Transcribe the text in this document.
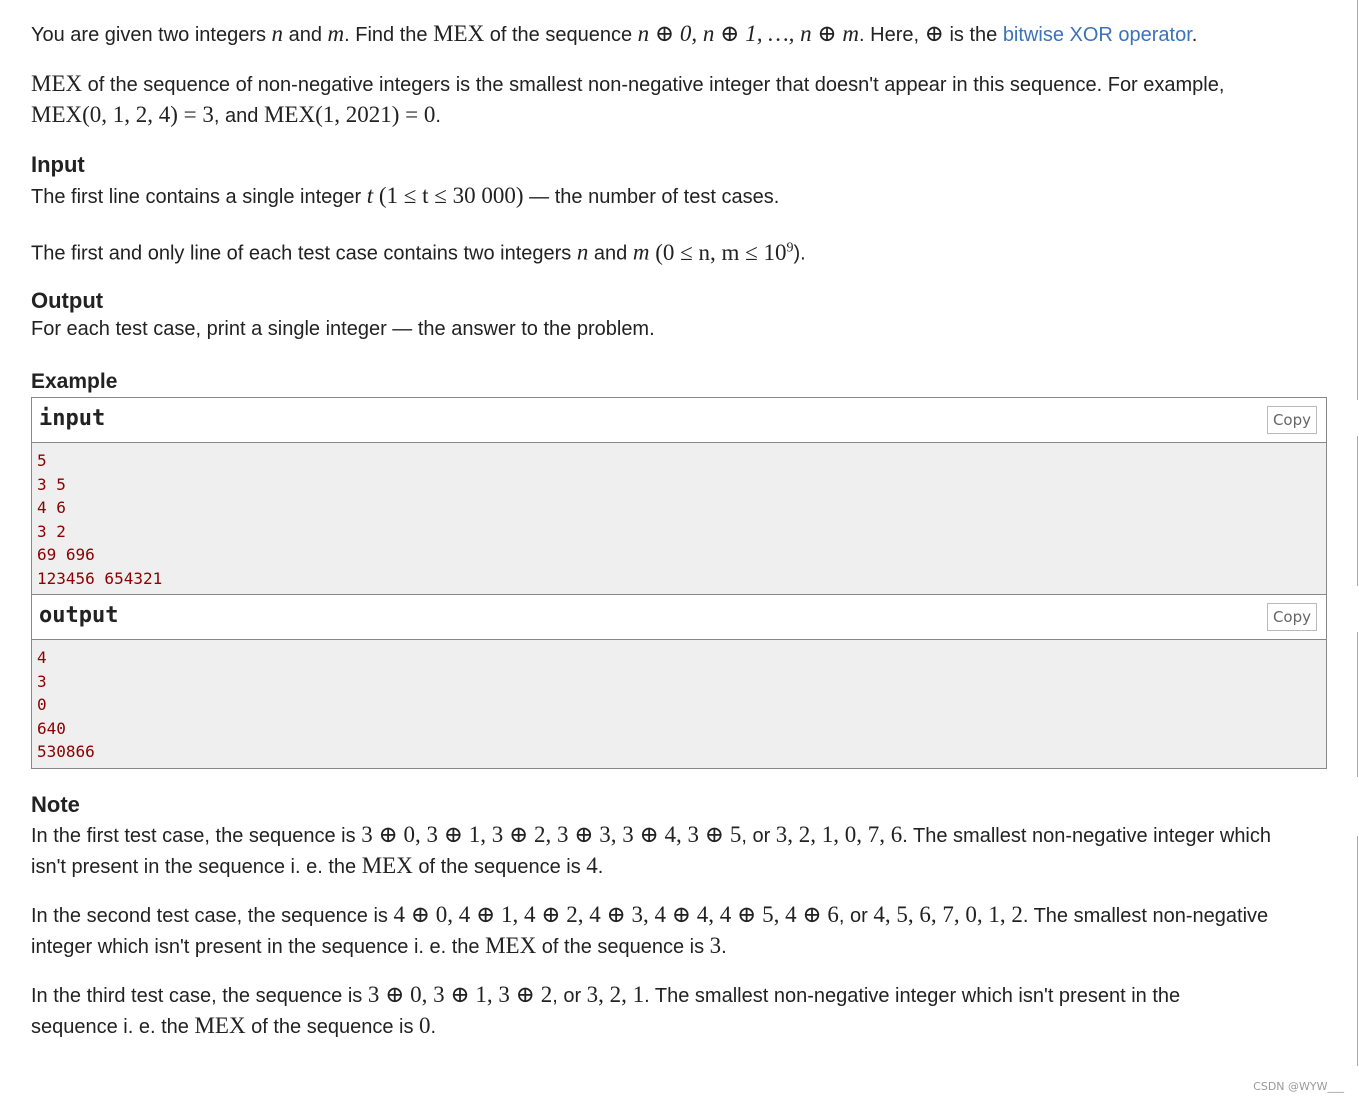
You are given two integers n and m. Find the MEX of the sequence n ⊕ 0, n ⊕ 1, …, n ⊕ m. Here, ⊕ is the bitwise XOR operator.

MEX of the sequence of non-negative integers is the smallest non-negative integer that doesn't appear in this sequence. For example,
MEX(0, 1, 2, 4) = 3, and MEX(1, 2021) = 0.

Input

The first line contains a single integer t (1 ≤ t ≤ 30 000) — the number of test cases.

The first and only line of each test case contains two integers n and m (0 ≤ n, $m \le 10^9$).

Output

For each test case, print a single integer — the answer to the problem.

Example
input	Copy
5
3 5
4 6
3 2
69 696
123456 654321
output	Copy
4
3
0
640
530866
Note

In the first test case, the sequence is 3 ⊕ 0, 3 ⊕ 1, 3 ⊕ 2, 3 ⊕ 3, 3 ⊕ 4, 3 ⊕ 5, or 3, 2, 1, 0, 7, 6. The smallest non-negative integer which isn't present in the sequence i. e. the MEX of the sequence is 4.

In the second test case, the sequence is 4 ⊕ 0, 4 ⊕ 1, 4 ⊕ 2, 4 ⊕ 3, 4 ⊕ 4, 4 ⊕ 5, 4 ⊕ 6, or 4, 5, 6, 7, 0, 1, 2. The smallest non-negative integer which isn't present in the sequence i. e. the MEX of the sequence is 3.

In the third test case, the sequence is 3 ⊕ 0, 3 ⊕ 1, 3 ⊕ 2, or 3, 2, 1. The smallest non-negative integer which isn't present in the sequence i. e. the MEX of the sequence is 0.

CSDN @WYW___
